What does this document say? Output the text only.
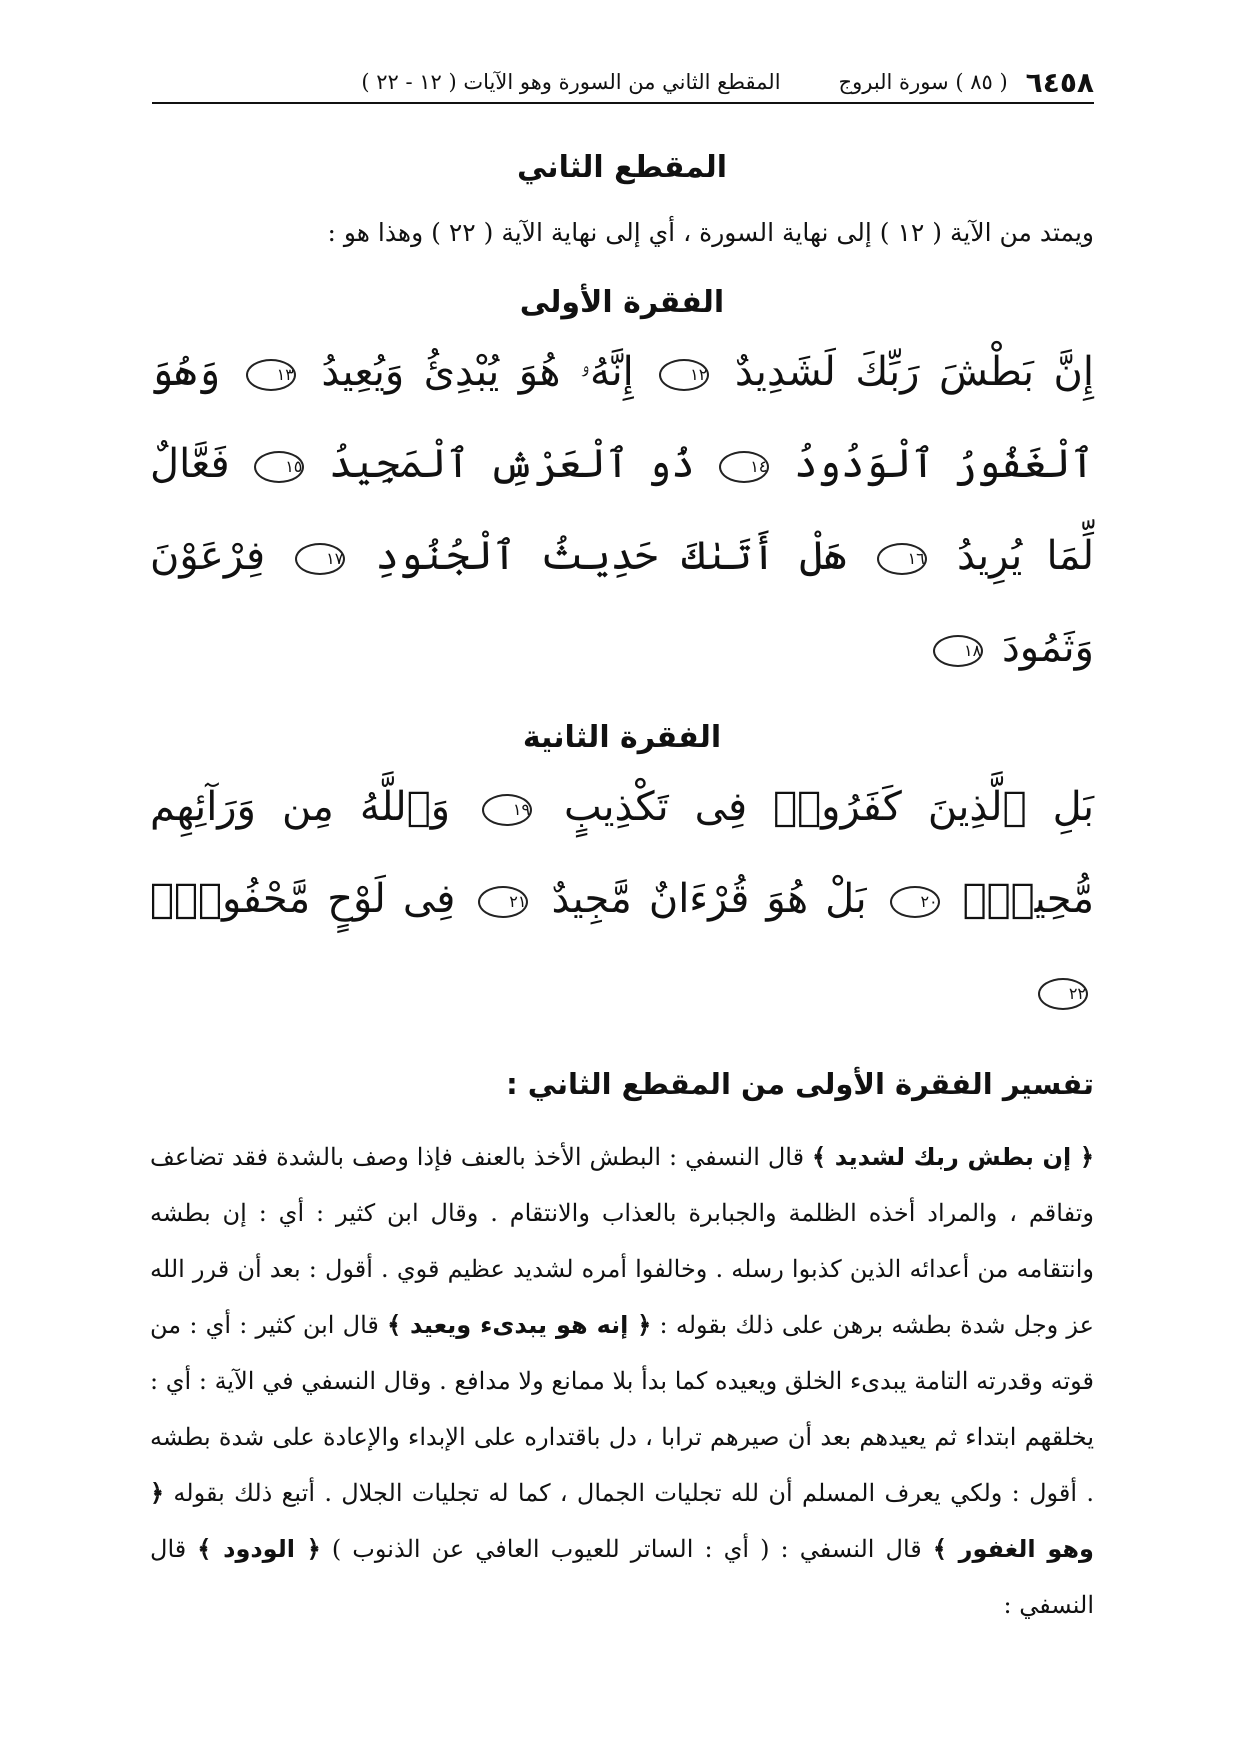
٦٤٥٨
( ٨٥ ) سورة البروج
المقطع الثاني من السورة وهو الآيات ( ١٢ - ٢٢ )
المقطع الثاني

ويمتد من الآية ( ١٢ ) إلى نهاية السورة ، أي إلى نهاية الآية ( ٢٢ ) وهذا هو :

الفقرة الأولى

إِنَّ بَطْشَ رَبِّكَ لَشَدِيدٌ ١٢ إِنَّهُۥ هُوَ يُبْدِئُ وَيُعِيدُ ١٣ وَهُوَ ٱلْغَفُورُ ٱلْوَدُودُ ١٤ ذُو ٱلْعَرْشِ ٱلْمَجِيدُ ١٥ فَعَّالٌ لِّمَا يُرِيدُ ١٦ هَلْ أَتَىٰكَ حَدِيثُ ٱلْجُنُودِ ١٧ فِرْعَوْنَ وَثَمُودَ ١٨

الفقرة الثانية

بَلِ ٱلَّذِينَ كَفَرُوا۟ فِى تَكْذِيبٍ ١٩ وَٱللَّهُ مِن وَرَآئِهِم مُّحِيطٌۢ ٢٠ بَلْ هُوَ قُرْءَانٌ مَّجِيدٌ ٢١ فِى لَوْحٍ مَّحْفُوظٍۭ ٢٢

تفسير الفقرة الأولى من المقطع الثاني :

﴿ إن بطش ربك لشديد ﴾ قال النسفي : البطش الأخذ بالعنف فإذا وصف بالشدة فقد تضاعف وتفاقم ، والمراد أخذه الظلمة والجبابرة بالعذاب والانتقام . وقال ابن كثير : أي : إن بطشه وانتقامه من أعدائه الذين كذبوا رسله . وخالفوا أمره لشديد عظيم قوي . أقول : بعد أن قرر الله عز وجل شدة بطشه برهن على ذلك بقوله : ﴿ إنه هو يبدىء ويعيد ﴾ قال ابن كثير : أي : من قوته وقدرته التامة يبدىء الخلق ويعيده كما بدأ بلا ممانع ولا مدافع . وقال النسفي في الآية : أي : يخلقهم ابتداء ثم يعيدهم بعد أن صيرهم ترابا ، دل باقتداره على الإبداء والإعادة على شدة بطشه . أقول : ولكي يعرف المسلم أن لله تجليات الجمال ، كما له تجليات الجلال . أتبع ذلك بقوله ﴿ وهو الغفور ﴾ قال النسفي : ( أي : الساتر للعيوب العافي عن الذنوب ) ﴿ الودود ﴾ قال النسفي :
